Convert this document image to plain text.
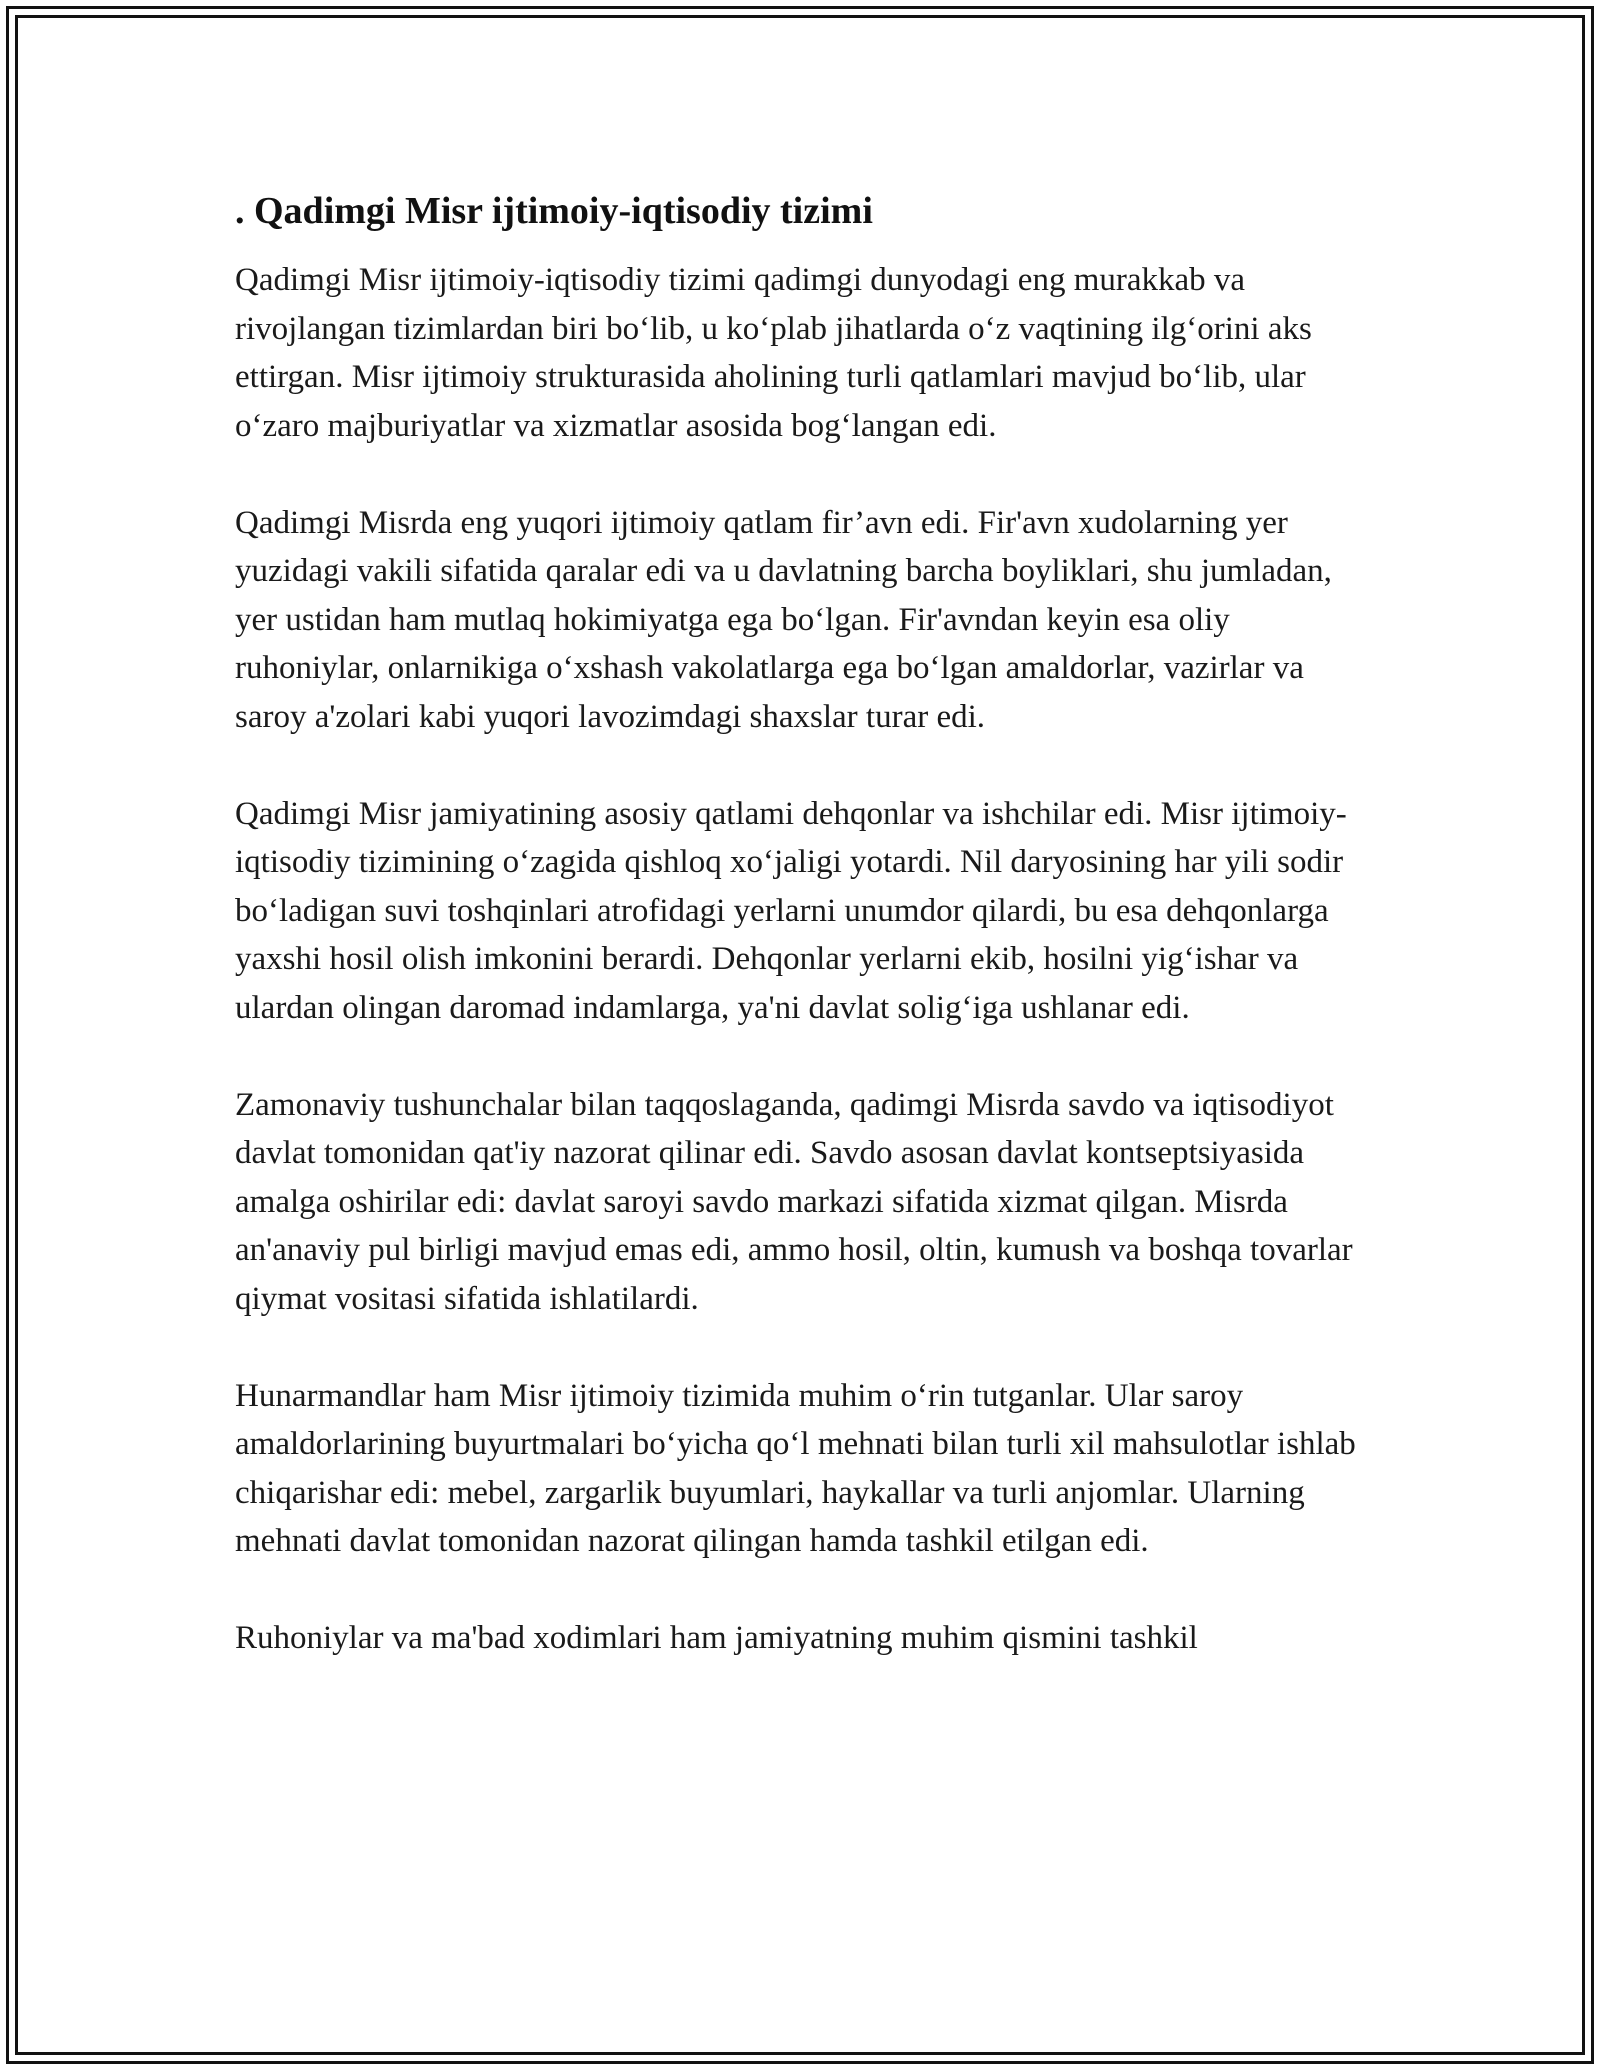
. Qadimgi Misr ijtimoiy-iqtisodiy tizimi

Qadimgi Misr ijtimoiy-iqtisodiy tizimi qadimgi dunyodagi eng murakkab va rivojlangan tizimlardan biri boʻlib, u koʻplab jihatlarda oʻz vaqtining ilgʻorini aks ettirgan. Misr ijtimoiy strukturasida aholining turli qatlamlari mavjud boʻlib, ular oʻzaro majburiyatlar va xizmatlar asosida bogʻlangan edi.

Qadimgi Misrda eng yuqori ijtimoiy qatlam fir’avn edi. Fir'avn xudolarning yer yuzidagi vakili sifatida qaralar edi va u davlatning barcha boyliklari, shu jumladan, yer ustidan ham mutlaq hokimiyatga ega boʻlgan. Fir'avndan keyin esa oliy ruhoniylar, onlarnikiga oʻxshash vakolatlarga ega boʻlgan amaldorlar, vazirlar va saroy a'zolari kabi yuqori lavozimdagi shaxslar turar edi.

Qadimgi Misr jamiyatining asosiy qatlami dehqonlar va ishchilar edi. Misr ijtimoiy-iqtisodiy tizimining oʻzagida qishloq xoʻjaligi yotardi. Nil daryosining har yili sodir boʻladigan suvi toshqinlari atrofidagi yerlarni unumdor qilardi, bu esa dehqonlarga yaxshi hosil olish imkonini berardi. Dehqonlar yerlarni ekib, hosilni yigʻishar va ulardan olingan daromad indamlarga, ya'ni davlat soligʻiga ushlanar edi.

Zamonaviy tushunchalar bilan taqqoslaganda, qadimgi Misrda savdo va iqtisodiyot davlat tomonidan qat'iy nazorat qilinar edi. Savdo asosan davlat kontseptsiyasida amalga oshirilar edi: davlat saroyi savdo markazi sifatida xizmat qilgan. Misrda an'anaviy pul birligi mavjud emas edi, ammo hosil, oltin, kumush va boshqa tovarlar qiymat vositasi sifatida ishlatilardi.

Hunarmandlar ham Misr ijtimoiy tizimida muhim oʻrin tutganlar. Ular saroy amaldorlarining buyurtmalari boʻyicha qoʻl mehnati bilan turli xil mahsulotlar ishlab chiqarishar edi: mebel, zargarlik buyumlari, haykallar va turli anjomlar. Ularning mehnati davlat tomonidan nazorat qilingan hamda tashkil etilgan edi.

Ruhoniylar va ma'bad xodimlari ham jamiyatning muhim qismini tashkil
